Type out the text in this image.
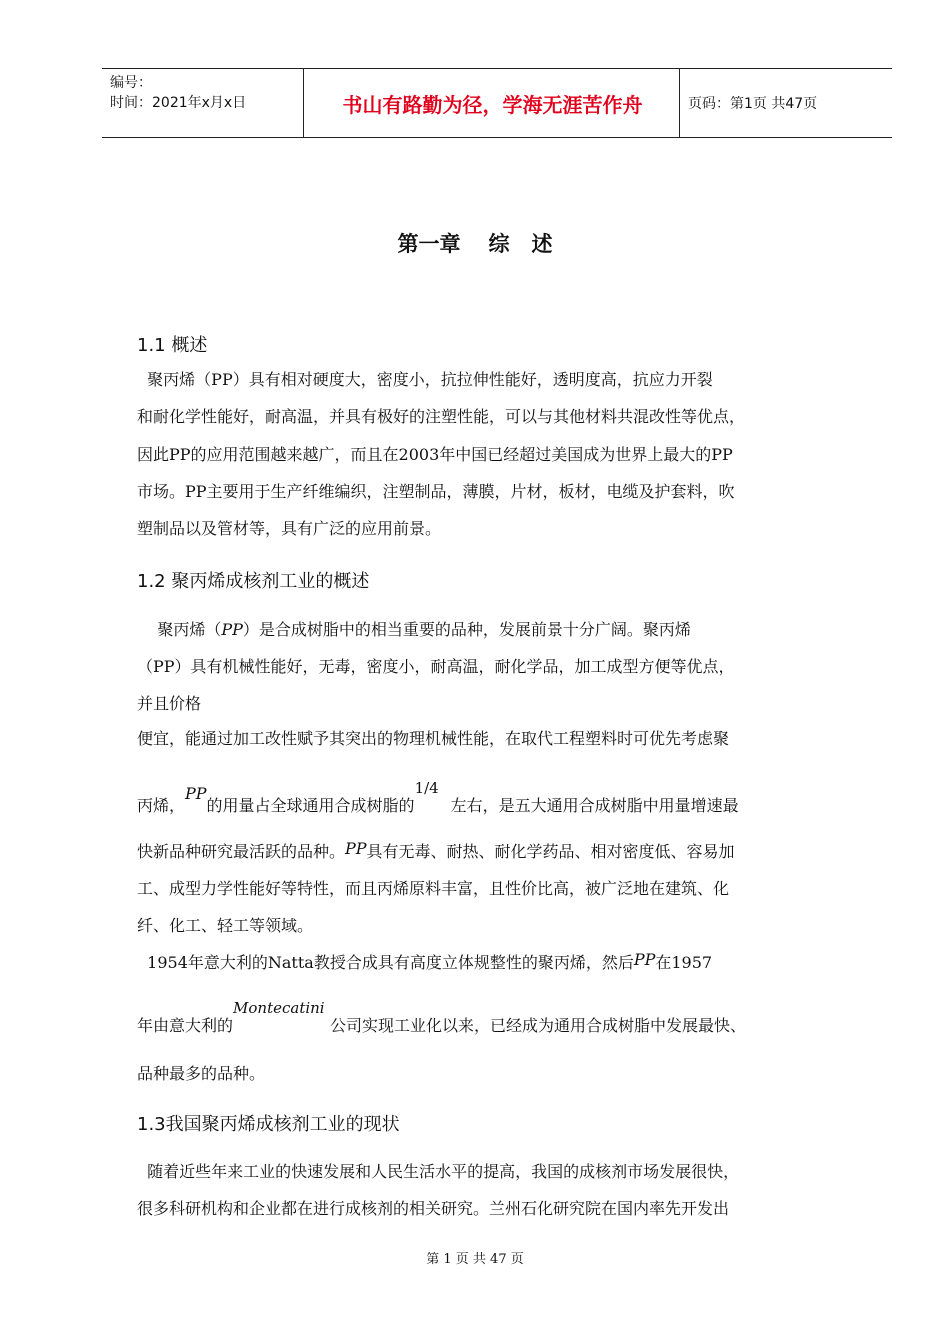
编号：
时间：2021年x月x日	书山有路勤为径，学海无涯苦作舟	页码：第1页 共47页
第一章 综   述
1.1 概述
聚丙烯（PP）具有相对硬度大，密度小，抗拉伸性能好，透明度高，抗应力开裂
和耐化学性能好，耐高温，并具有极好的注塑性能，可以与其他材料共混改性等优点，
因此PP的应用范围越来越广，而且在2003年中国已经超过美国成为世界上最大的PP
市场。PP主要用于生产纤维编织，注塑制品，薄膜，片材，板材，电缆及护套料，吹
塑制品以及管材等，具有广泛的应用前景。
1.2 聚丙烯成核剂工业的概述
聚丙烯（PP）是合成树脂中的相当重要的品种，发展前景十分广阔。聚丙烯
（PP）具有机械性能好，无毒，密度小，耐高温，耐化学品，加工成型方便等优点，
并且价格
便宜，能通过加工改性赋予其突出的物理机械性能，在取代工程塑料时可优先考虑聚
丙烯，PP的用量占全球通用合成树脂的1/4左右，是五大通用合成树脂中用量增速最
快新品种研究最活跃的品种。PP具有无毒、耐热、耐化学药品、相对密度低、容易加
工、成型力学性能好等特性，而且丙烯原料丰富，且性价比高，被广泛地在建筑、化
纤、化工、轻工等领域。
1954年意大利的Natta教授合成具有高度立体规整性的聚丙烯，然后PP在1957
年由意大利的Montecatini公司实现工业化以来，已经成为通用合成树脂中发展最快、
品种最多的品种。
1.3我国聚丙烯成核剂工业的现状
随着近些年来工业的快速发展和人民生活水平的提高，我国的成核剂市场发展很快，
很多科研机构和企业都在进行成核剂的相关研究。兰州石化研究院在国内率先开发出
第 1 页 共 47 页
